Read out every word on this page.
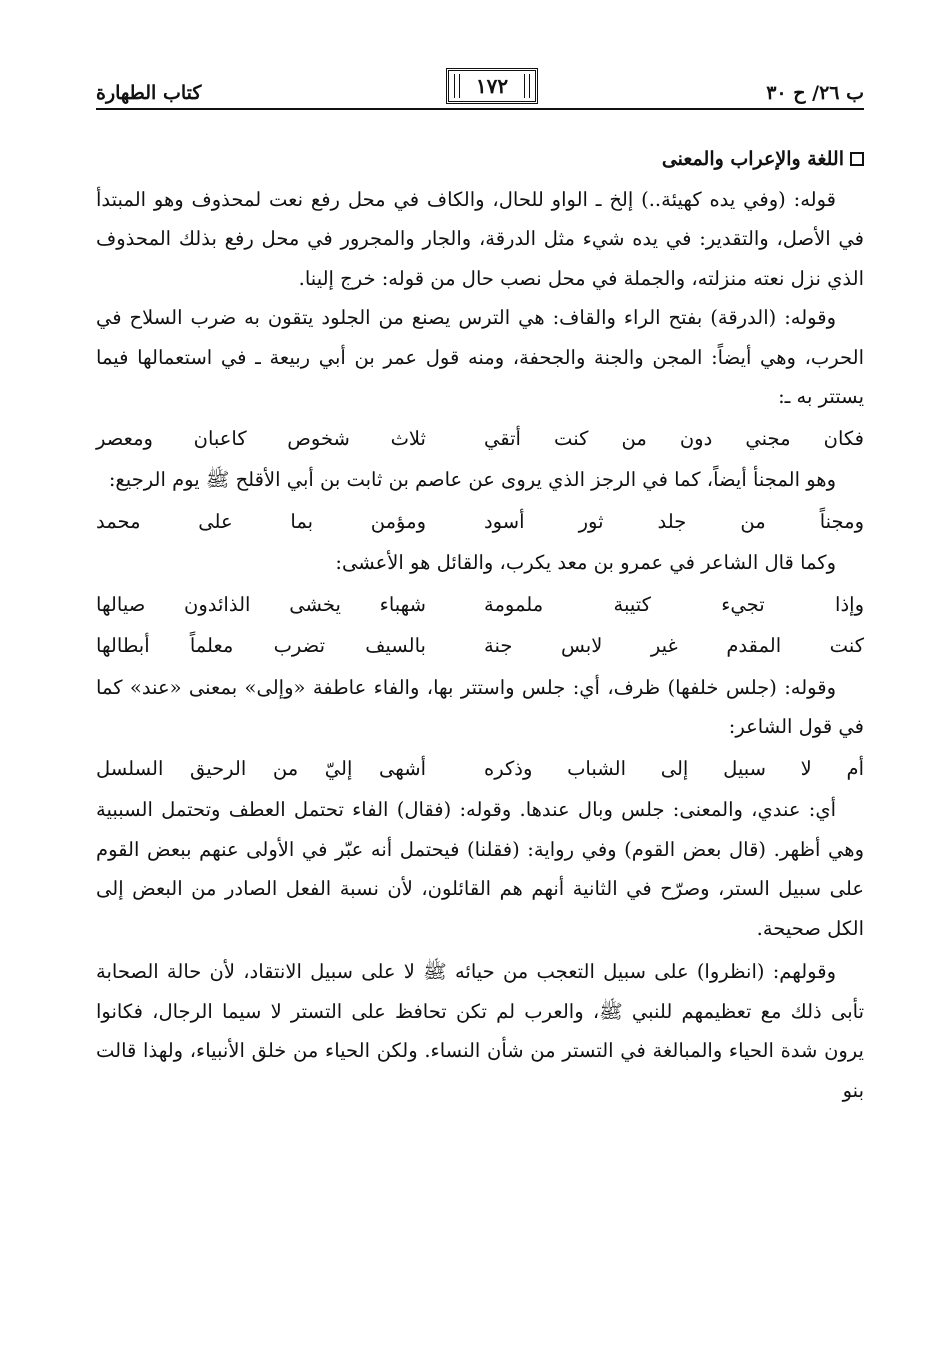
ب ٢٦/ ح ٣٠
١٧٢
كتاب الطهارة
اللغة والإعراب والمعنى

قوله: (وفي يده كهيئة..) إلخ ـ الواو للحال، والكاف في محل رفع نعت لمحذوف وهو المبتدأ في الأصل، والتقدير: في يده شيء مثل الدرقة، والجار والمجرور في محل رفع بذلك المحذوف الذي نزل نعته منزلته، والجملة في محل نصب حال من قوله: خرج إلينا.

وقوله: (الدرقة) بفتح الراء والقاف: هي الترس يصنع من الجلود يتقون به ضرب السلاح في الحرب، وهي أيضاً: المجن والجنة والجحفة، ومنه قول عمر بن أبي ربيعة ـ في استعمالها فيما يستتر به ـ:

فكان مجني دون من كنت أتقي
ثلاث شخوص كاعبان ومعصر

وهو المجنأ أيضاً، كما في الرجز الذي يروى عن عاصم بن ثابت بن أبي الأقلح ﷺ يوم الرجيع:

ومجناً من جلد ثور أسود
ومؤمن بما على محمد

وكما قال الشاعر في عمرو بن معد يكرب، والقائل هو الأعشى:

وإذا تجيء كتيبة ملمومة
شهباء يخشى الذائدون صيالها
كنت المقدم غير لابس جنة
بالسيف تضرب معلماً أبطالها

وقوله: (جلس خلفها) ظرف، أي: جلس واستتر بها، والفاء عاطفة «وإلى» بمعنى «عند» كما في قول الشاعر:

أم لا سبيل إلى الشباب وذكره
أشهى إليّ من الرحيق السلسل

أي: عندي، والمعنى: جلس وبال عندها. وقوله: (فقال) الفاء تحتمل العطف وتحتمل السببية وهي أظهر. (قال بعض القوم) وفي رواية: (فقلنا) فيحتمل أنه عبّر في الأولى عنهم ببعض القوم على سبيل الستر، وصرّح في الثانية أنهم هم القائلون، لأن نسبة الفعل الصادر من البعض إلى الكل صحيحة.

وقولهم: (انظروا) على سبيل التعجب من حيائه ﷺ لا على سبيل الانتقاد، لأن حالة الصحابة تأبى ذلك مع تعظيمهم للنبي ﷺ، والعرب لم تكن تحافظ على التستر لا سيما الرجال، فكانوا يرون شدة الحياء والمبالغة في التستر من شأن النساء. ولكن الحياء من خلق الأنبياء، ولهذا قالت بنو
